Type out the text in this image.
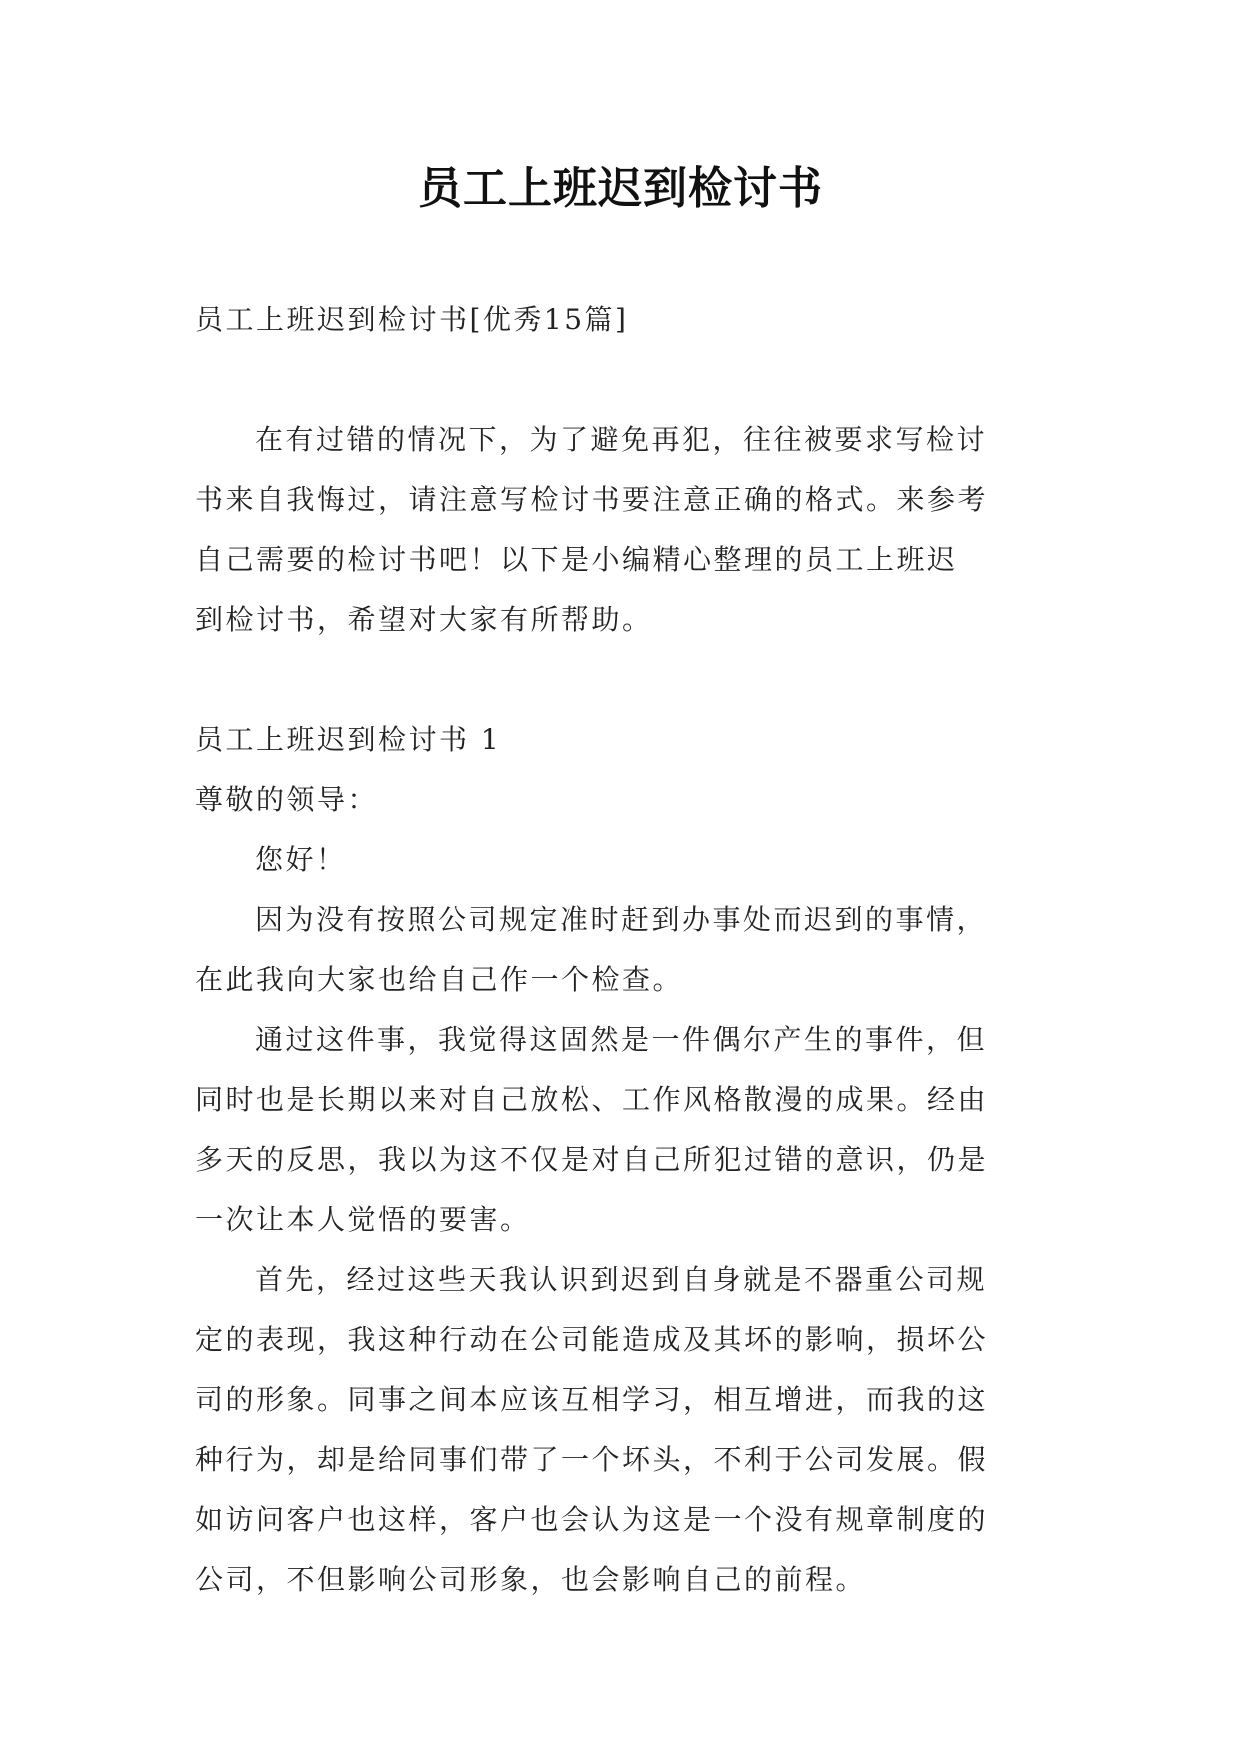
员工上班迟到检讨书
员工上班迟到检讨书[优秀15篇]
在有过错的情况下，为了避免再犯，往往被要求写检讨
书来自我悔过，请注意写检讨书要注意正确的格式。来参考
自己需要的检讨书吧！以下是小编精心整理的员工上班迟
到检讨书，希望对大家有所帮助。
员工上班迟到检讨书 1
尊敬的领导：
您好！
因为没有按照公司规定准时赶到办事处而迟到的事情，
在此我向大家也给自己作一个检查。
通过这件事，我觉得这固然是一件偶尔产生的事件，但
同时也是长期以来对自己放松、工作风格散漫的成果。经由
多天的反思，我以为这不仅是对自己所犯过错的意识，仍是
一次让本人觉悟的要害。
首先，经过这些天我认识到迟到自身就是不器重公司规
定的表现，我这种行动在公司能造成及其坏的影响，损坏公
司的形象。同事之间本应该互相学习，相互增进，而我的这
种行为，却是给同事们带了一个坏头，不利于公司发展。假
如访问客户也这样，客户也会认为这是一个没有规章制度的
公司，不但影响公司形象，也会影响自己的前程。
